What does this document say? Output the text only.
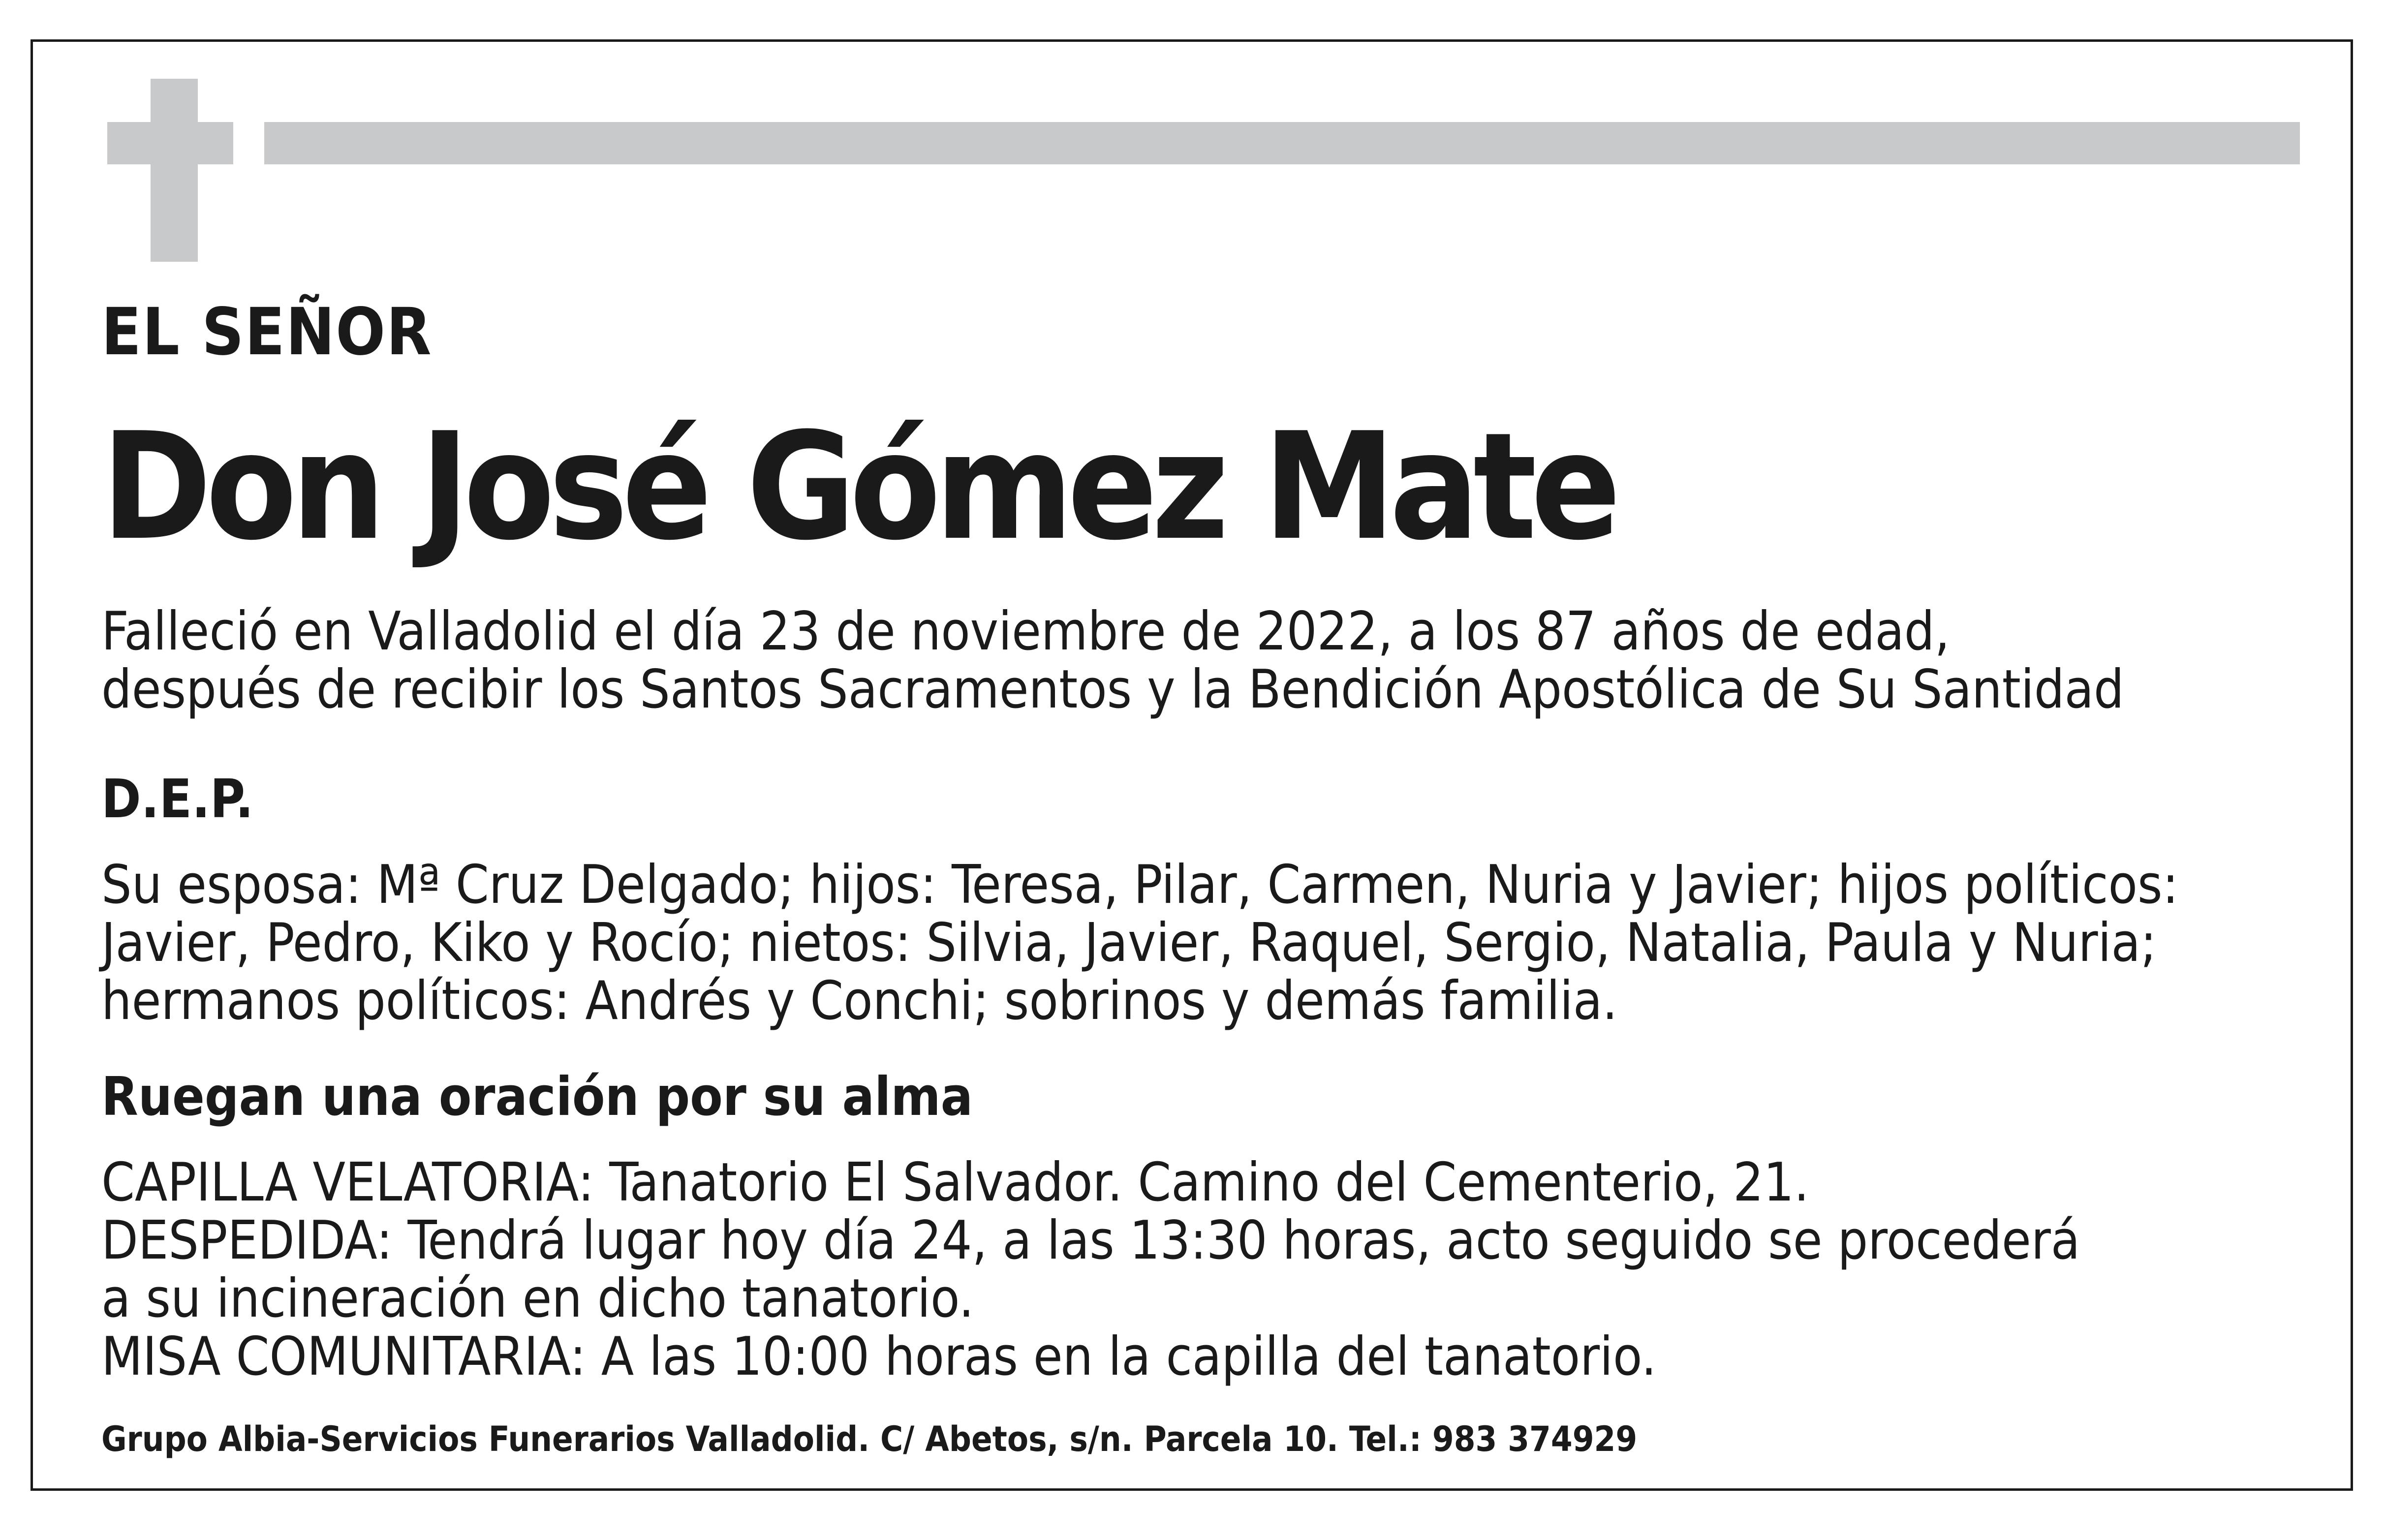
EL SEÑOR

Don José Gómez Mate

Falleció en Valladolid el día 23 de noviembre de 2022, a los 87 años de edad,
después de recibir los Santos Sacramentos y la Bendición Apostólica de Su Santidad

D.E.P.

Su esposa: Mª Cruz Delgado; hijos: Teresa, Pilar, Carmen, Nuria y Javier; hijos políticos:
Javier, Pedro, Kiko y Rocío; nietos: Silvia, Javier, Raquel, Sergio, Natalia, Paula y Nuria;
hermanos políticos: Andrés y Conchi; sobrinos y demás familia.

Ruegan una oración por su alma

CAPILLA VELATORIA: Tanatorio El Salvador. Camino del Cementerio, 21.
DESPEDIDA: Tendrá lugar hoy día 24, a las 13:30 horas, acto seguido se procederá
a su incineración en dicho tanatorio.
MISA COMUNITARIA: A las 10:00 horas en la capilla del tanatorio.

Grupo Albia-Servicios Funerarios Valladolid. C/ Abetos, s/n. Parcela 10. Tel.: 983 374929
